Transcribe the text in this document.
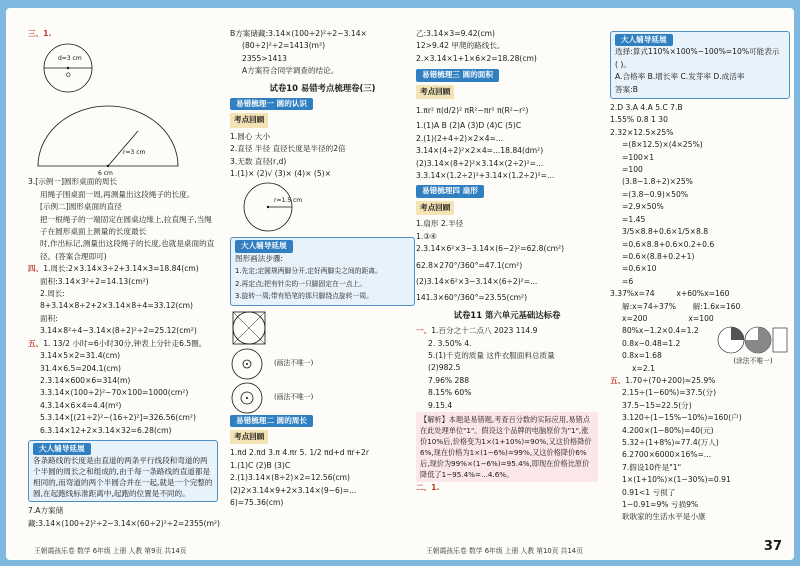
三、1.
d=3 cm
O
r=3 cm
6 cm
3.[示例一]圆形桌面的周长
用绳子围桌面一周,再测量出这段绳子的长度。
[示例二]圆形桌面的直径
把一根绳子的一端固定在圆桌边缘上,拉直绳子,当绳子在圆形桌面上测量的长度最长
时,作出标记,测量出这段绳子的长度,也就是桌面的直径。(答案合理即可)
四、1.周长:2×3.14×3÷2+3.14×3=18.84(cm)
面积:3.14×3²÷2=14.13(cm²)
2.周长:
8+3.14×8÷2+2×3.14×8÷4=33.12(cm)
面积:
3.14×8²÷4−3.14×(8÷2)²÷2=25.12(cm²)
五、1. 13/2 小时=6小时30分,钟表上分针走6.5圈。
3.14×5×2=31.4(cm)
31.4×6.5=204.1(cm)
2.3.14×600×6=314(m)
3.3.14×(100÷2)²−70×100=1000(cm²)
4.3.14×6×4=4.4(m²)
5.3.14×[(21÷2)²−(16÷2)²]=326.56(cm²)
6.3.14×12+2×3.14×32=6.28(cm)
大人辅导延展
各条路线的长度是由直道的两条平行线段和弯道的两个半圆的周长之和组成的,由于每一条路线的直道都是相同的,而弯道的两个半圆合并在一起,就是一个完整的圆,在起跑线标准距离中,起跑的位置是不同的。
7.A方案储藏:3.14×(100÷2)²÷2−3.14×(60÷2)²÷2=2355(m²)
B方案储藏:3.14×(100÷2)²÷2−3.14×
(80÷2)²÷2=1413(m²)
2355>1413
A方案符合同学调查的结论。
试卷10 易错考点梳理卷(三)
易错梳理一 圆的认识
考点回顾
1.圆心 大小
2.直径 半径 直径长度是半径的2倍
3.无数 直径(r,d)
1.(1)× (2)√ (3)× (4)× (5)×
r=1.5 cm
大人辅导延展
图形画法步骤:
1.先定;定圆规两脚分开,定好两脚尖之间的距离。
2.再定点;把有针尖的一只脚固定在一点上。
3.旋转一周;带有铅笔的那只脚绕点旋转一周。
(画法不唯一)
(画法不唯一)
易错梳理二 圆的周长
考点回顾
1.πd 2.πd 3.π 4.πr 5. 1/2 πd+d πr+2r
1.(1)C (2)B (3)C
2.(1)3.14×(8÷2)×2=12.56(cm)
(2)2×3.14×9+2×3.14×(9−6)=...
6)=75.36(cm)
乙:3.14×3=9.42(cm)
12>9.42 甲爬的路线长。
2.×3.14×1+1×6×2=18.28(cm)
易错梳理三 圆的面积
考点回顾
1.πr² π(d/2)² πR²−πr² π(R²−r²)
1.(1)A B (2)A (3)D (4)C (5)C
2.(1)(2+4÷2)×2×4=...
3.14×(4÷2)²×2×4=...18.84(dm²)
(2)3.14×(8÷2)²×3.14×(2÷2)²=...
3.3.14×(1.2÷2)²+3.14×(1.2÷2)²=...
易错梳理四 扇形
考点回顾
1.扇形 2.半径
1.③④
2.3.14×6²×3−3.14×(6−2)²=62.8(cm²)
62.8×270°/360°=47.1(cm²)
(2)3.14×6²×3−3.14×(6÷2)²=...
141.3×60°/360°=23.55(cm²)
试卷11 第六单元基础达标卷
一、1.百分之十二点八 2023 114.9
2. 3.50% 4.
5.(1)千克的质量 这件衣服面料总质量
(2)982.5
7.96% 288
8.15% 60%
9.15.4
【解析】本题是易错题,考查百分数的实际应用,易错点在此处理单位"1"。假设这个品牌的电脑原价为"1",涨价10%后,价格变为1×(1+10%)=90%,又这价格降价6%,现在价格为1×(1−6%)=99%,又这价格降价6%后,现价为99%×(1−6%)=95.4%,即现在价格比原价降低了1−95.4%=...4.6%。
二、1.
大人辅导延展
选择:算式110%×100%−100%=10%可能表示
( )。
A.合格率 B.增长率 C.发芽率 D.成活率
答案:B
2.D 3.A 4.A 5.C 7.B
1.55% 0.8 1 30
2.32×12.5×25%
=(8×12.5)×(4×25%)
=100×1
=100
(3.8−1.8÷2)×25%
=(3.8−0.9)×50%
=2.9×50%
=1.45
3/5×8.8+0.6×1/5×8.8
=0.6×8.8+0.6×0.2+0.6
=0.6×(8.8+0.2+1)
=0.6×10
=6
3.37%x=74         x+60%x=160
解:x=74÷37%       解:1.6x=160
x=200                 x=100
80%x−1.2×0.4=1.2
0.8x−0.48=1.2
0.8x=1.68
x=2.1
(涂法不唯一)
五、1.70÷(70+200)≈25.9%
2.15÷(1−60%)=37.5(分)
37.5−15=22.5(分)
3.120÷(1−15%−10%)=160(户)
4.200×(1−80%)=40(元)
5.32÷(1+8%)≈77.4(万人)
6.2700×6000×16%=...
7.假设10件是"1"
1×(1+10%)×(1−30%)=0.91
0.91<1 亏损了
1−0.91=9% 亏损9%
耿耿家的生活水平是小康
王朝霞孩乐卷 数学 6年级 上册 人教 第9页 共14页	王朝霞孩乐卷 数学 6年级 上册 人教 第10页 共14页	37
